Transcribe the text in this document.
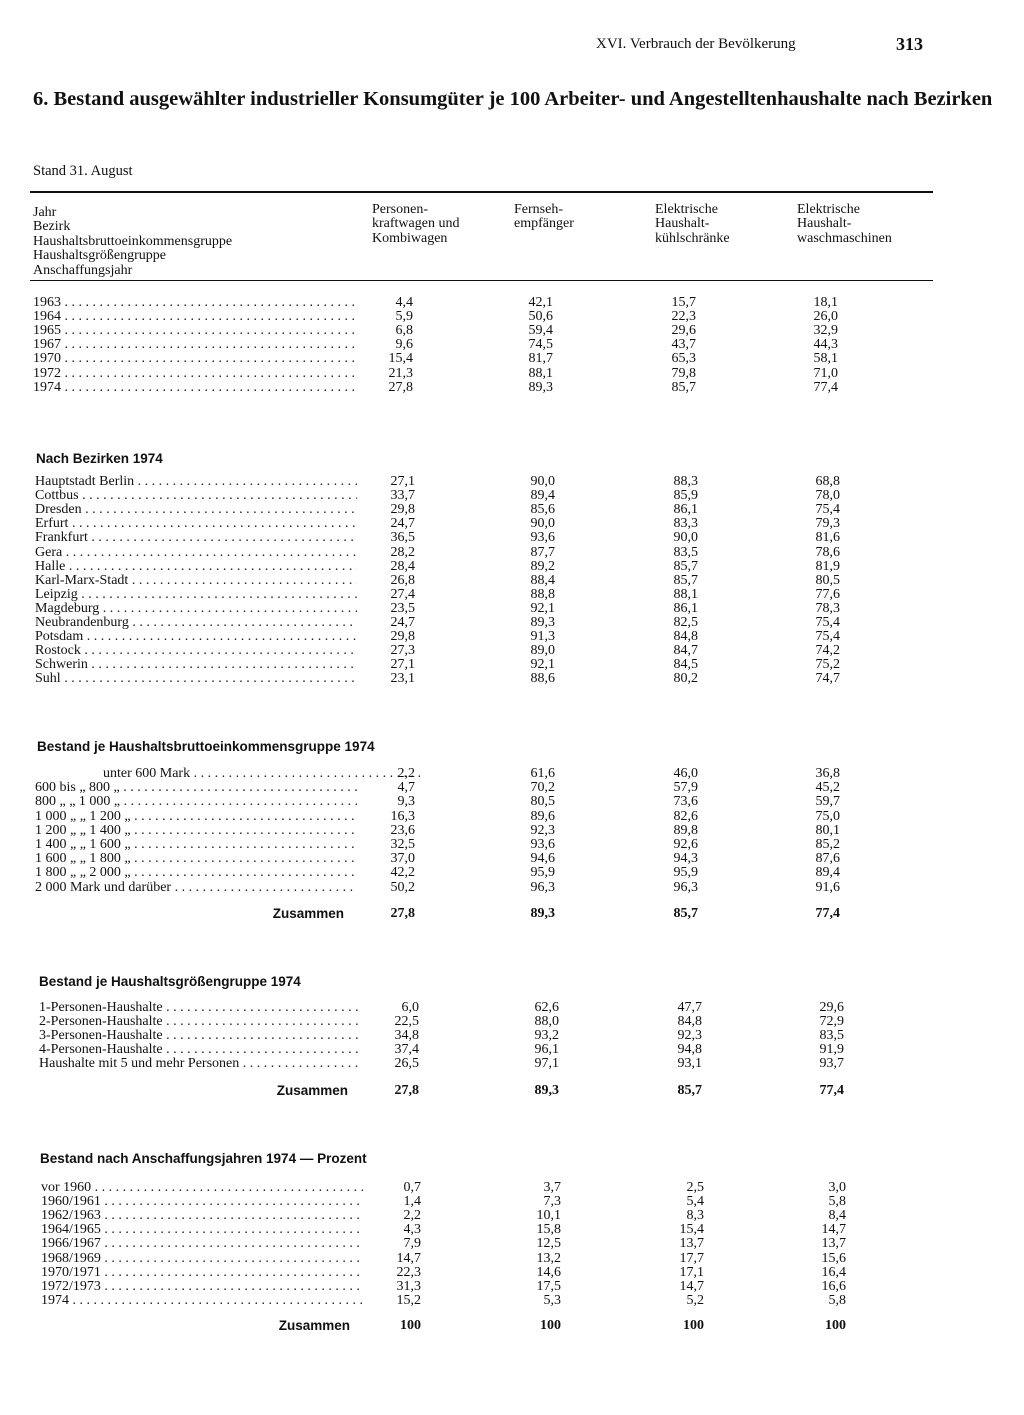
XVI. Verbrauch der Bevölkerung	313
6. Bestand ausgewählter industrieller Konsumgüter je 100 Arbeiter- und Angestelltenhaushalte nach Bezirken
Stand 31. August
Jahr
Bezirk
Haushaltsbruttoeinkommensgruppe
Haushaltsgrößengruppe
Anschaffungsjahr
Personen-
kraftwagen und
Kombiwagen
Fernseh-
empfänger
Elektrische
Haushalt-
kühlschränke
Elektrische
Haushalt-
waschmaschinen
1963 . . .	4,4	42,1	15,7	18,1
1964 . . .	5,9	50,6	22,3	26,0
1965 . . .	6,8	59,4	29,6	32,9
1967 . . .	9,6	74,5	43,7	44,3
1970 . . .	15,4	81,7	65,3	58,1
1972 . . .	21,3	88,1	79,8	71,0
1974 . . .	27,8	89,3	85,7	77,4
Nach Bezirken 1974
Hauptstadt Berlin . . .	27,1	90,0	88,3	68,8
Cottbus . . .	33,7	89,4	85,9	78,0
Dresden . . .	29,8	85,6	86,1	75,4
Erfurt . . .	24,7	90,0	83,3	79,3
Frankfurt . . .	36,5	93,6	90,0	81,6
Gera . . .	28,2	87,7	83,5	78,6
Halle . . .	28,4	89,2	85,7	81,9
Karl-Marx-Stadt . . .	26,8	88,4	85,7	80,5
Leipzig . . .	27,4	88,8	88,1	77,6
Magdeburg . . .	23,5	92,1	86,1	78,3
Neubrandenburg . . .	24,7	89,3	82,5	75,4
Potsdam . . .	29,8	91,3	84,8	75,4
Rostock . . .	27,3	89,0	84,7	74,2
Schwerin . . .	27,1	92,1	84,5	75,2
Suhl . . .	23,1	88,6	80,2	74,7
Bestand je Haushaltsbruttoeinkommensgruppe 1974
unter 600 Mark . . .	2,2	61,6	46,0	36,8
600 bis „ 800 „ . . .	4,7	70,2	57,9	45,2
800 „ „ 1 000 „ . . .	9,3	80,5	73,6	59,7
1 000 „ „ 1 200 „ . . .	16,3	89,6	82,6	75,0
1 200 „ „ 1 400 „ . . .	23,6	92,3	89,8	80,1
1 400 „ „ 1 600 „ . . .	32,5	93,6	92,6	85,2
1 600 „ „ 1 800 „ . . .	37,0	94,6	94,3	87,6
1 800 „ „ 2 000 „ . . .	42,2	95,9	95,9	89,4
2 000 Mark und darüber . . .	50,2	96,3	96,3	91,6
Zusammen	27,8	89,3	85,7	77,4
Bestand je Haushaltsgrößengruppe 1974
1-Personen-Haushalte . . .	6,0	62,6	47,7	29,6
2-Personen-Haushalte . . .	22,5	88,0	84,8	72,9
3-Personen-Haushalte . . .	34,8	93,2	92,3	83,5
4-Personen-Haushalte . . .	37,4	96,1	94,8	91,9
Haushalte mit 5 und mehr Personen . . .	26,5	97,1	93,1	93,7
Zusammen	27,8	89,3	85,7	77,4
Bestand nach Anschaffungsjahren 1974 — Prozent
vor 1960 . . .	0,7	3,7	2,5	3,0
1960/1961 . . .	1,4	7,3	5,4	5,8
1962/1963 . . .	2,2	10,1	8,3	8,4
1964/1965 . . .	4,3	15,8	15,4	14,7
1966/1967 . . .	7,9	12,5	13,7	13,7
1968/1969 . . .	14,7	13,2	17,7	15,6
1970/1971 . . .	22,3	14,6	17,1	16,4
1972/1973 . . .	31,3	17,5	14,7	16,6
1974 . . .	15,2	5,3	5,2	5,8
Zusammen	100	100	100	100
